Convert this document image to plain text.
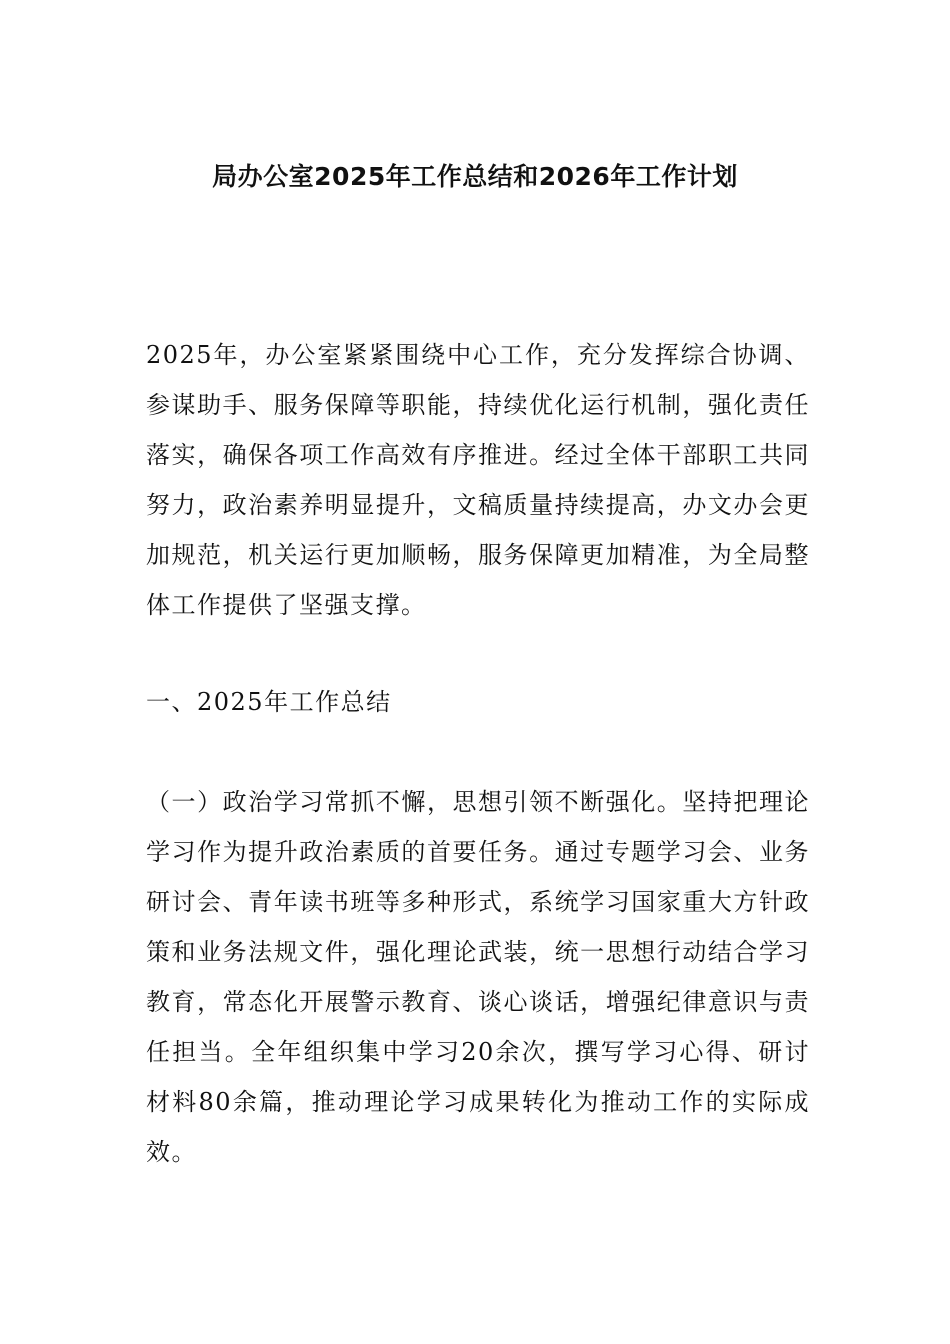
局办公室2025年工作总结和2026年工作计划

2025年，办公室紧紧围绕中心工作，充分发挥综合协调、参谋助手、服务保障等职能，持续优化运行机制，强化责任落实，确保各项工作高效有序推进。经过全体干部职工共同努力，政治素养明显提升，文稿质量持续提高，办文办会更加规范，机关运行更加顺畅，服务保障更加精准，为全局整体工作提供了坚强支撑。

一、2025年工作总结

（一）政治学习常抓不懈，思想引领不断强化。坚持把理论学习作为提升政治素质的首要任务。通过专题学习会、业务研讨会、青年读书班等多种形式，系统学习国家重大方针政策和业务法规文件，强化理论武装，统一思想行动结合学习教育，常态化开展警示教育、谈心谈话，增强纪律意识与责任担当。全年组织集中学习20余次，撰写学习心得、研讨材料80余篇，推动理论学习成果转化为推动工作的实际成效。
